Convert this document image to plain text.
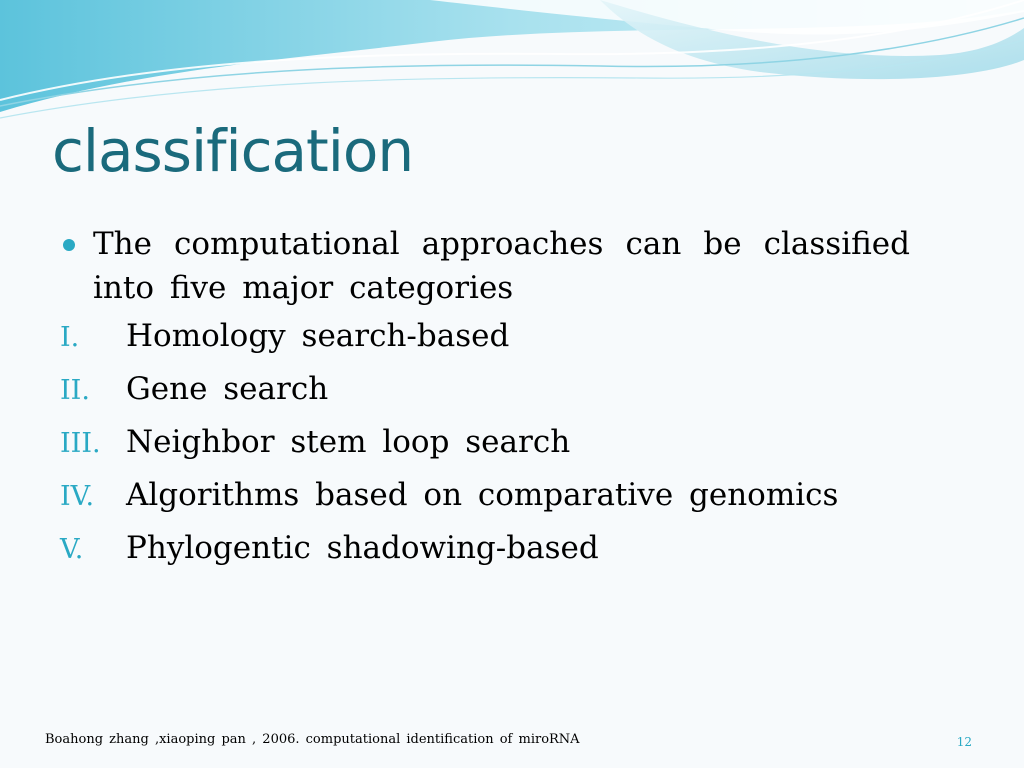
classification
The computational approaches can be classified into five major categories
I.	Homology search-based
II.	Gene search
III. Neighbor stem loop search
IV.	Algorithms based on comparative genomics
V.	Phylogentic shadowing-based
Boahong zhang ,xiaoping pan , 2006. computational identification of miroRNA	12
